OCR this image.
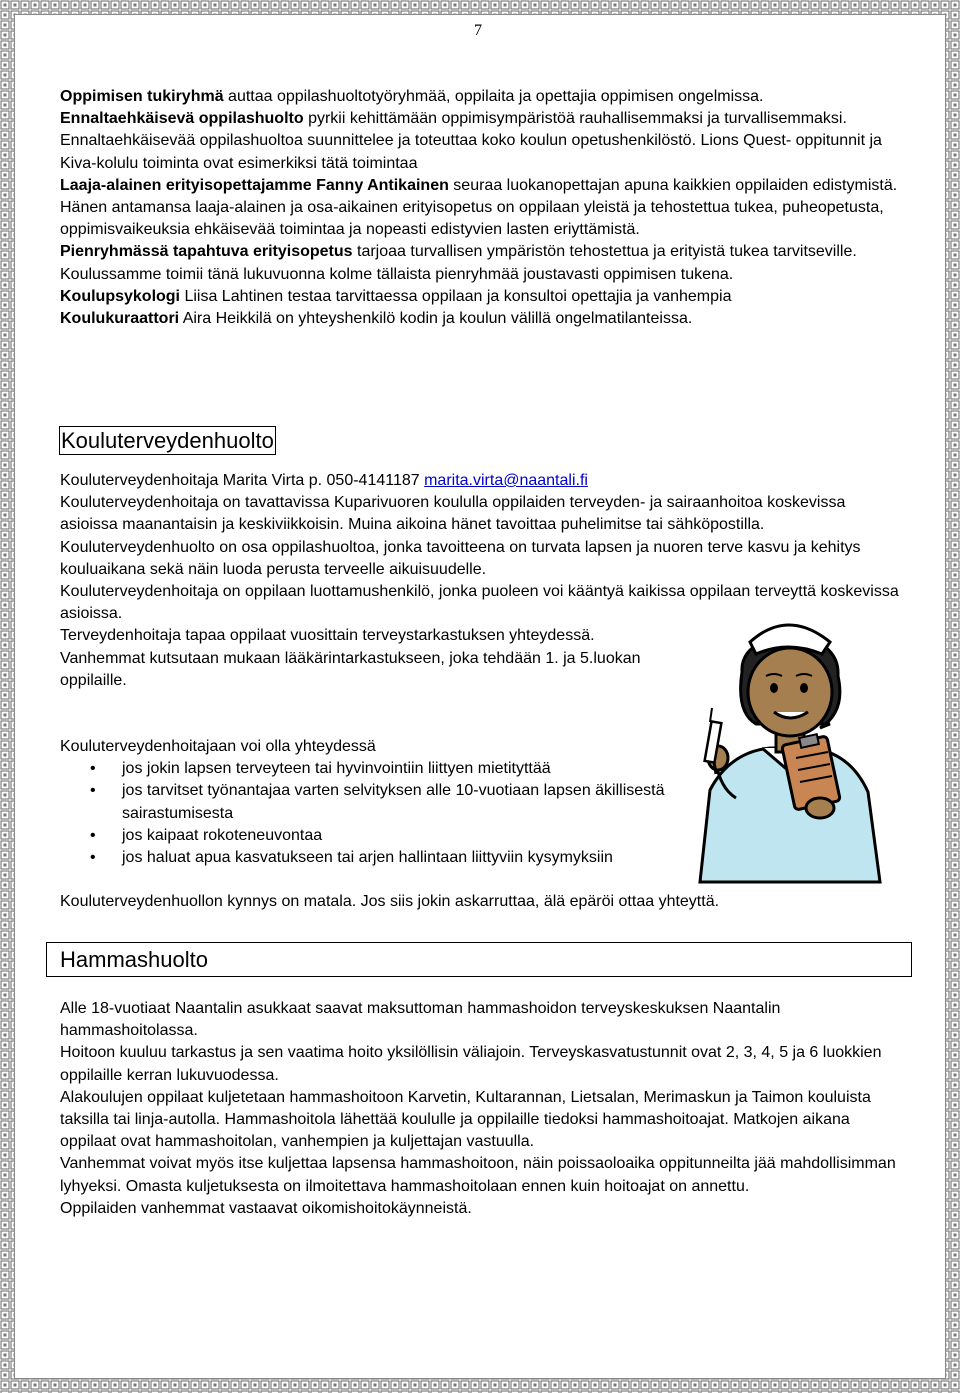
7

Oppimisen tukiryhmä auttaa oppilashuoltotyöryhmää, oppilaita ja opettajia oppimisen ongelmissa.

Ennaltaehkäisevä oppilashuolto pyrkii kehittämään oppimisympäristöä rauhallisemmaksi ja turvallisemmaksi. Ennaltaehkäisevää oppilashuoltoa suunnittelee ja toteuttaa koko koulun opetushenkilöstö. Lions Quest- oppitunnit ja Kiva-kolulu toiminta ovat esimerkiksi tätä toimintaa

Laaja-alainen erityisopettajamme Fanny Antikainen seuraa luokanopettajan apuna kaikkien oppilaiden edistymistä. Hänen antamansa laaja-alainen ja osa-aikainen erityisopetus on oppilaan yleistä ja tehostettua tukea, puheopetusta, oppimisvaikeuksia ehkäisevää toimintaa ja nopeasti edistyvien lasten eriyttämistä.

Pienryhmässä tapahtuva erityisopetus tarjoaa turvallisen ympäristön tehostettua ja erityistä tukea tarvitseville. Koulussamme toimii tänä lukuvuonna kolme tällaista pienryhmää joustavasti oppimisen tukena.

Koulupsykologi Liisa Lahtinen testaa tarvittaessa oppilaan ja konsultoi opettajia ja vanhempia

Koulukuraattori Aira Heikkilä on yhteyshenkilö kodin ja koulun välillä ongelmatilanteissa.

Kouluterveydenhuolto

Kouluterveydenhoitaja Marita Virta p. 050-4141187 marita.virta@naantali.fi

Kouluterveydenhoitaja on tavattavissa Kuparivuoren koululla oppilaiden terveyden- ja sairaanhoitoa koskevissa asioissa maanantaisin ja keskiviikkoisin. Muina aikoina hänet tavoittaa puhelimitse tai sähköpostilla.

Kouluterveydenhuolto on osa oppilashuoltoa, jonka tavoitteena on turvata lapsen ja nuoren terve kasvu ja kehitys kouluaikana sekä näin luoda perusta terveelle aikuisuudelle.

Kouluterveydenhoitaja on oppilaan luottamushenkilö, jonka puoleen voi kääntyä kaikissa oppilaan terveyttä koskevissa asioissa.

Terveydenhoitaja tapaa oppilaat vuosittain terveystarkastuksen yhteydessä.

Vanhemmat kutsutaan mukaan lääkärintarkastukseen, joka tehdään 1. ja 5.luokan oppilaille.

Kouluterveydenhoitajaan voi olla yhteydessä

• jos jokin lapsen terveyteen tai hyvinvointiin liittyen mietityttää
• jos tarvitset työnantajaa varten selvityksen alle 10-vuotiaan lapsen äkillisestä sairastumisesta
• jos kaipaat rokoteneuvontaa
• jos haluat apua kasvatukseen tai arjen hallintaan liittyviin kysymyksiin

Kouluterveydenhuollon kynnys on matala. Jos siis jokin askarruttaa, älä epäröi ottaa yhteyttä.

Hammashuolto

Alle 18-vuotiaat Naantalin asukkaat saavat maksuttoman hammashoidon terveyskeskuksen Naantalin hammashoitolassa.

Hoitoon kuuluu tarkastus ja sen vaatima hoito yksilöllisin väliajoin. Terveyskasvatustunnit ovat 2, 3, 4, 5 ja 6 luokkien oppilaille kerran lukuvuodessa.

Alakoulujen oppilaat kuljetetaan hammashoitoon Karvetin, Kultarannan, Lietsalan, Merimaskun ja Taimon kouluista taksilla tai linja-autolla. Hammashoitola lähettää koululle ja oppilaille tiedoksi hammashoitoajat. Matkojen aikana oppilaat ovat hammashoitolan, vanhempien ja kuljettajan vastuulla.

Vanhemmat voivat myös itse kuljettaa lapsensa hammashoitoon, näin poissaoloaika oppitunneilta jää mahdollisimman lyhyeksi. Omasta kuljetuksesta on ilmoitettava hammashoitolaan ennen kuin hoitoajat on annettu.

Oppilaiden vanhemmat vastaavat oikomishoitokäynneistä.
